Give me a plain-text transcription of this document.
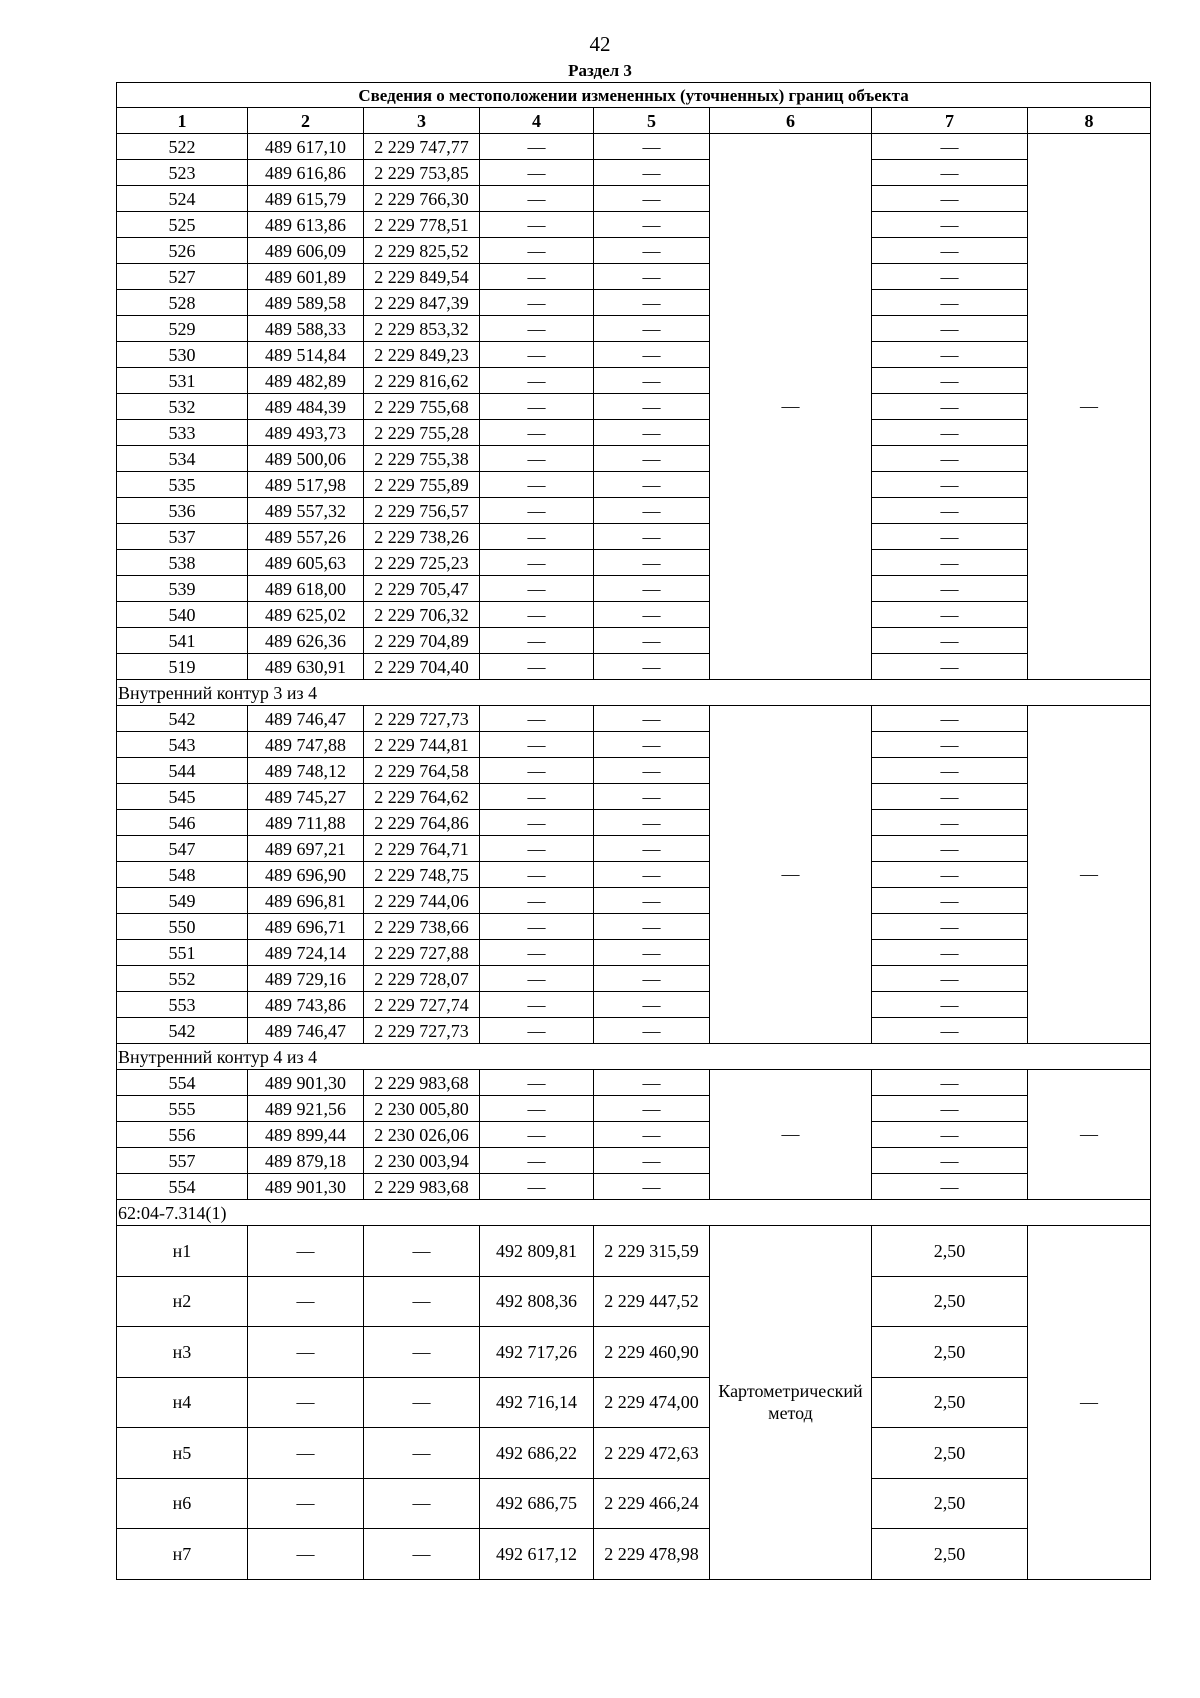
42
Раздел 3
Сведения о местоположении измененных (уточненных) границ объекта							
1	2	3	4	5	6	7	8
522	489 617,10	2 229 747,77	—	—	—	—	—
523	489 616,86	2 229 753,85	—	—		—	
524	489 615,79	2 229 766,30	—	—		—	
525	489 613,86	2 229 778,51	—	—		—	
526	489 606,09	2 229 825,52	—	—		—	
527	489 601,89	2 229 849,54	—	—		—	
528	489 589,58	2 229 847,39	—	—		—	
529	489 588,33	2 229 853,32	—	—		—	
530	489 514,84	2 229 849,23	—	—		—	
531	489 482,89	2 229 816,62	—	—		—	
532	489 484,39	2 229 755,68	—	—		—	
533	489 493,73	2 229 755,28	—	—		—	
534	489 500,06	2 229 755,38	—	—		—	
535	489 517,98	2 229 755,89	—	—		—	
536	489 557,32	2 229 756,57	—	—		—	
537	489 557,26	2 229 738,26	—	—		—	
538	489 605,63	2 229 725,23	—	—		—	
539	489 618,00	2 229 705,47	—	—		—	
540	489 625,02	2 229 706,32	—	—		—	
541	489 626,36	2 229 704,89	—	—		—	
519	489 630,91	2 229 704,40	—	—		—	
Внутренний контур 3 из 4							
542	489 746,47	2 229 727,73	—	—	—	—	—
543	489 747,88	2 229 744,81	—	—		—	
544	489 748,12	2 229 764,58	—	—		—	
545	489 745,27	2 229 764,62	—	—		—	
546	489 711,88	2 229 764,86	—	—		—	
547	489 697,21	2 229 764,71	—	—		—	
548	489 696,90	2 229 748,75	—	—		—	
549	489 696,81	2 229 744,06	—	—		—	
550	489 696,71	2 229 738,66	—	—		—	
551	489 724,14	2 229 727,88	—	—		—	
552	489 729,16	2 229 728,07	—	—		—	
553	489 743,86	2 229 727,74	—	—		—	
542	489 746,47	2 229 727,73	—	—		—	
Внутренний контур 4 из 4							
554	489 901,30	2 229 983,68	—	—	—	—	—
555	489 921,56	2 230 005,80	—	—		—	
556	489 899,44	2 230 026,06	—	—		—	
557	489 879,18	2 230 003,94	—	—		—	
554	489 901,30	2 229 983,68	—	—		—	
62:04-7.314(1)							
н1	—	—	492 809,81	2 229 315,59	Картометрический метод	2,50	—
н2	—	—	492 808,36	2 229 447,52		2,50	
н3	—	—	492 717,26	2 229 460,90		2,50	
н4	—	—	492 716,14	2 229 474,00		2,50	
н5	—	—	492 686,22	2 229 472,63		2,50	
н6	—	—	492 686,75	2 229 466,24		2,50	
н7	—	—	492 617,12	2 229 478,98		2,50	
